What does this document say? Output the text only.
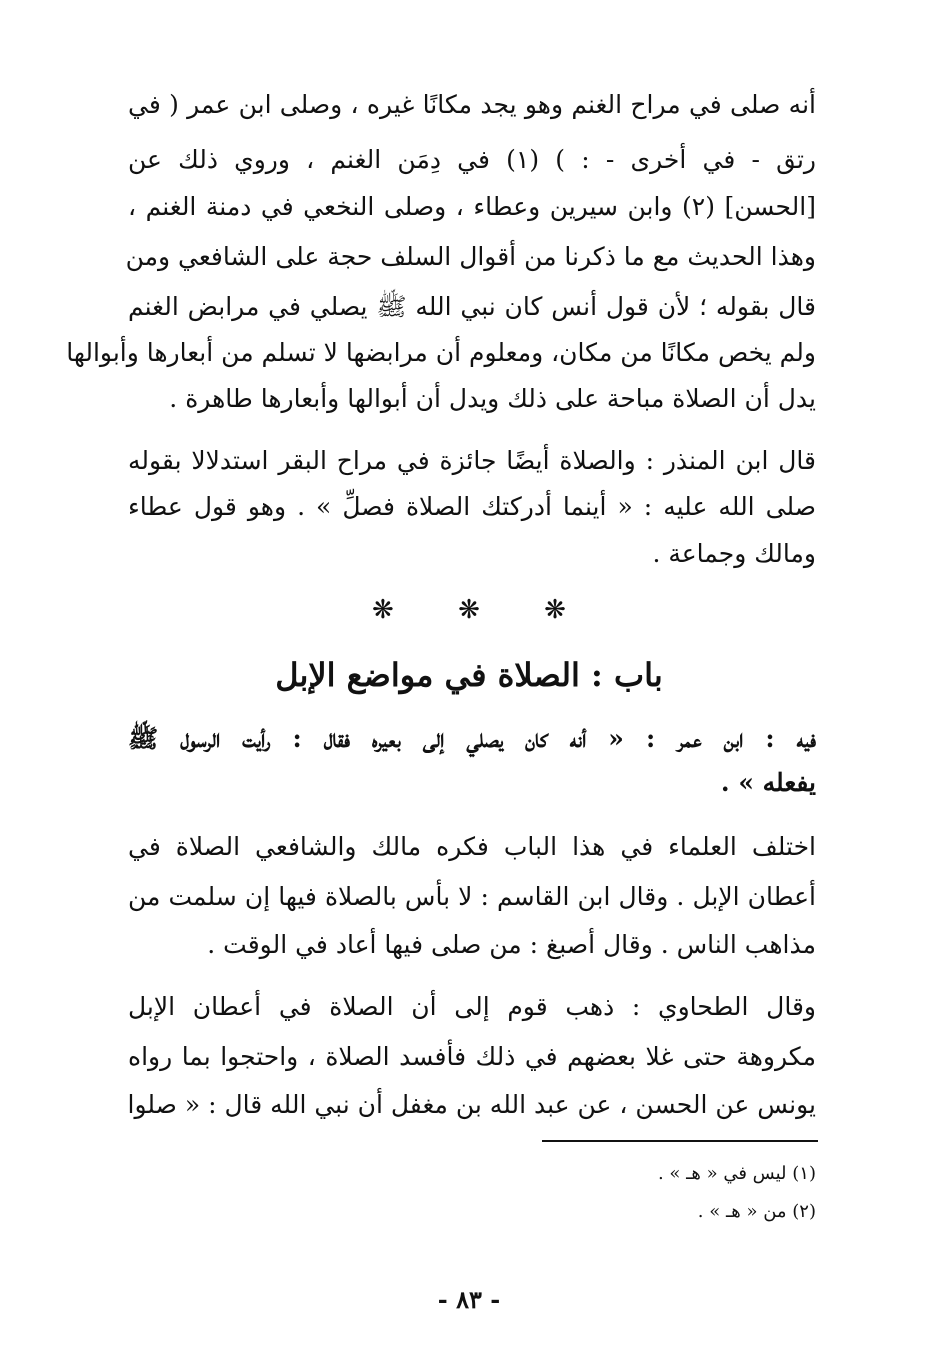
أنه صلى في مراح الغنم وهو يجد مكانًا غيره ، وصلى ابن عمر ( في
رتق - في أخرى - : ) (١) في دِمَن الغنم ، وروي ذلك عن
[الحسن] (٢) وابن سيرين وعطاء ، وصلى النخعي في دمنة الغنم ،
وهذا الحديث مع ما ذكرنا من أقوال السلف حجة على الشافعي ومن
قال بقوله ؛ لأن قول أنس كان نبي الله ﷺ يصلي في مرابض الغنم
ولم يخص مكانًا من مكان، ومعلوم أن مرابضها لا تسلم من أبعارها وأبوالها
يدل أن الصلاة مباحة على ذلك ويدل أن أبوالها وأبعارها طاهرة .
قال ابن المنذر : والصلاة أيضًا جائزة في مراح البقر استدلالا بقوله
صلى الله عليه : « أينما أدركتك الصلاة فصلِّ » . وهو قول عطاء
ومالك وجماعة .
❋ ❋ ❋
باب : الصلاة في مواضع الإبل
فيه : ابن عمر : « أنه كان يصلي إلى بعيره فقال : رأيت الرسول ﷺ
يفعله » .
اختلف العلماء في هذا الباب فكره مالك والشافعي الصلاة في
أعطان الإبل . وقال ابن القاسم : لا بأس بالصلاة فيها إن سلمت من
مذاهب الناس . وقال أصبغ : من صلى فيها أعاد في الوقت .
وقال الطحاوي : ذهب قوم إلى أن الصلاة في أعطان الإبل
مكروهة حتى غلا بعضهم في ذلك فأفسد الصلاة ، واحتجوا بما رواه
يونس عن الحسن ، عن عبد الله بن مغفل أن نبي الله قال : « صلوا
(١) ليس في « هـ » .
(٢) من « هـ » .
- ٨٣ -
